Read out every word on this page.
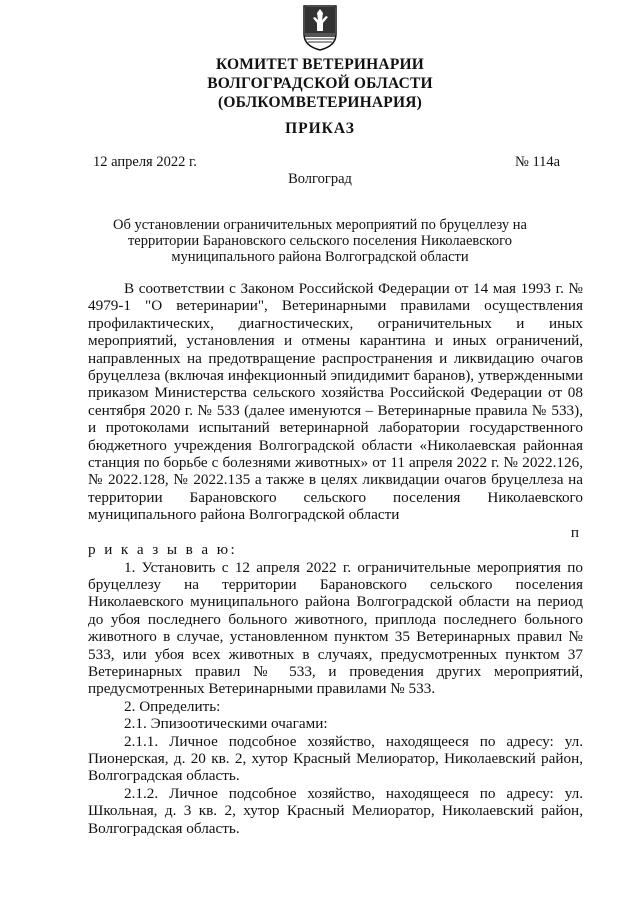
КОМИТЕТ ВЕТЕРИНАРИИ
ВОЛГОГРАДСКОЙ ОБЛАСТИ
(ОБЛКОМВЕТЕРИНАРИЯ)
ПРИКАЗ
12 апреля 2022 г.	№ 114а
Волгоград
Об установлении ограничительных мероприятий по бруцеллезу на территории Барановского сельского поселения Николаевского муниципального района Волгоградской области

В соответствии с Законом Российской Федерации от 14 мая 1993 г. № 4979-1 "О ветеринарии", Ветеринарными правилами осуществления профилактических, диагностических, ограничительных и иных мероприятий, установления и отмены карантина и иных ограничений, направленных на предотвращение распространения и ликвидацию очагов бруцеллеза (включая инфекционный эпидидимит баранов), утвержденными приказом Министерства сельского хозяйства Российской Федерации от 08 сентября 2020 г. № 533 (далее именуются – Ветеринарные правила № 533), и протоколами испытаний ветеринарной лаборатории государственного бюджетного учреждения Волгоградской области «Николаевская районная станция по борьбе с болезнями животных» от 11 апреля 2022 г. № 2022.126, № 2022.128, № 2022.135 а также в целях ликвидации очагов бруцеллеза на территории Барановского сельского поселения Николаевского муниципального района Волгоградской области

п

р и к а з ы в а ю:

1. Установить с 12 апреля 2022 г. ограничительные мероприятия по бруцеллезу на территории Барановского сельского поселения Николаевского муниципального района Волгоградской области на период до убоя последнего больного животного, приплода последнего больного животного в случае, установленном пунктом 35 Ветеринарных правил № 533, или убоя всех животных в случаях, предусмотренных пунктом 37 Ветеринарных правил № 533, и проведения других мероприятий, предусмотренных Ветеринарными правилами № 533.

2. Определить:

2.1. Эпизоотическими очагами:

2.1.1. Личное подсобное хозяйство, находящееся по адресу: ул. Пионерская, д. 20 кв. 2, хутор Красный Мелиоратор, Николаевский район, Волгоградская область.

2.1.2. Личное подсобное хозяйство, находящееся по адресу: ул. Школьная, д. 3 кв. 2, хутор Красный Мелиоратор, Николаевский район, Волгоградская область.
